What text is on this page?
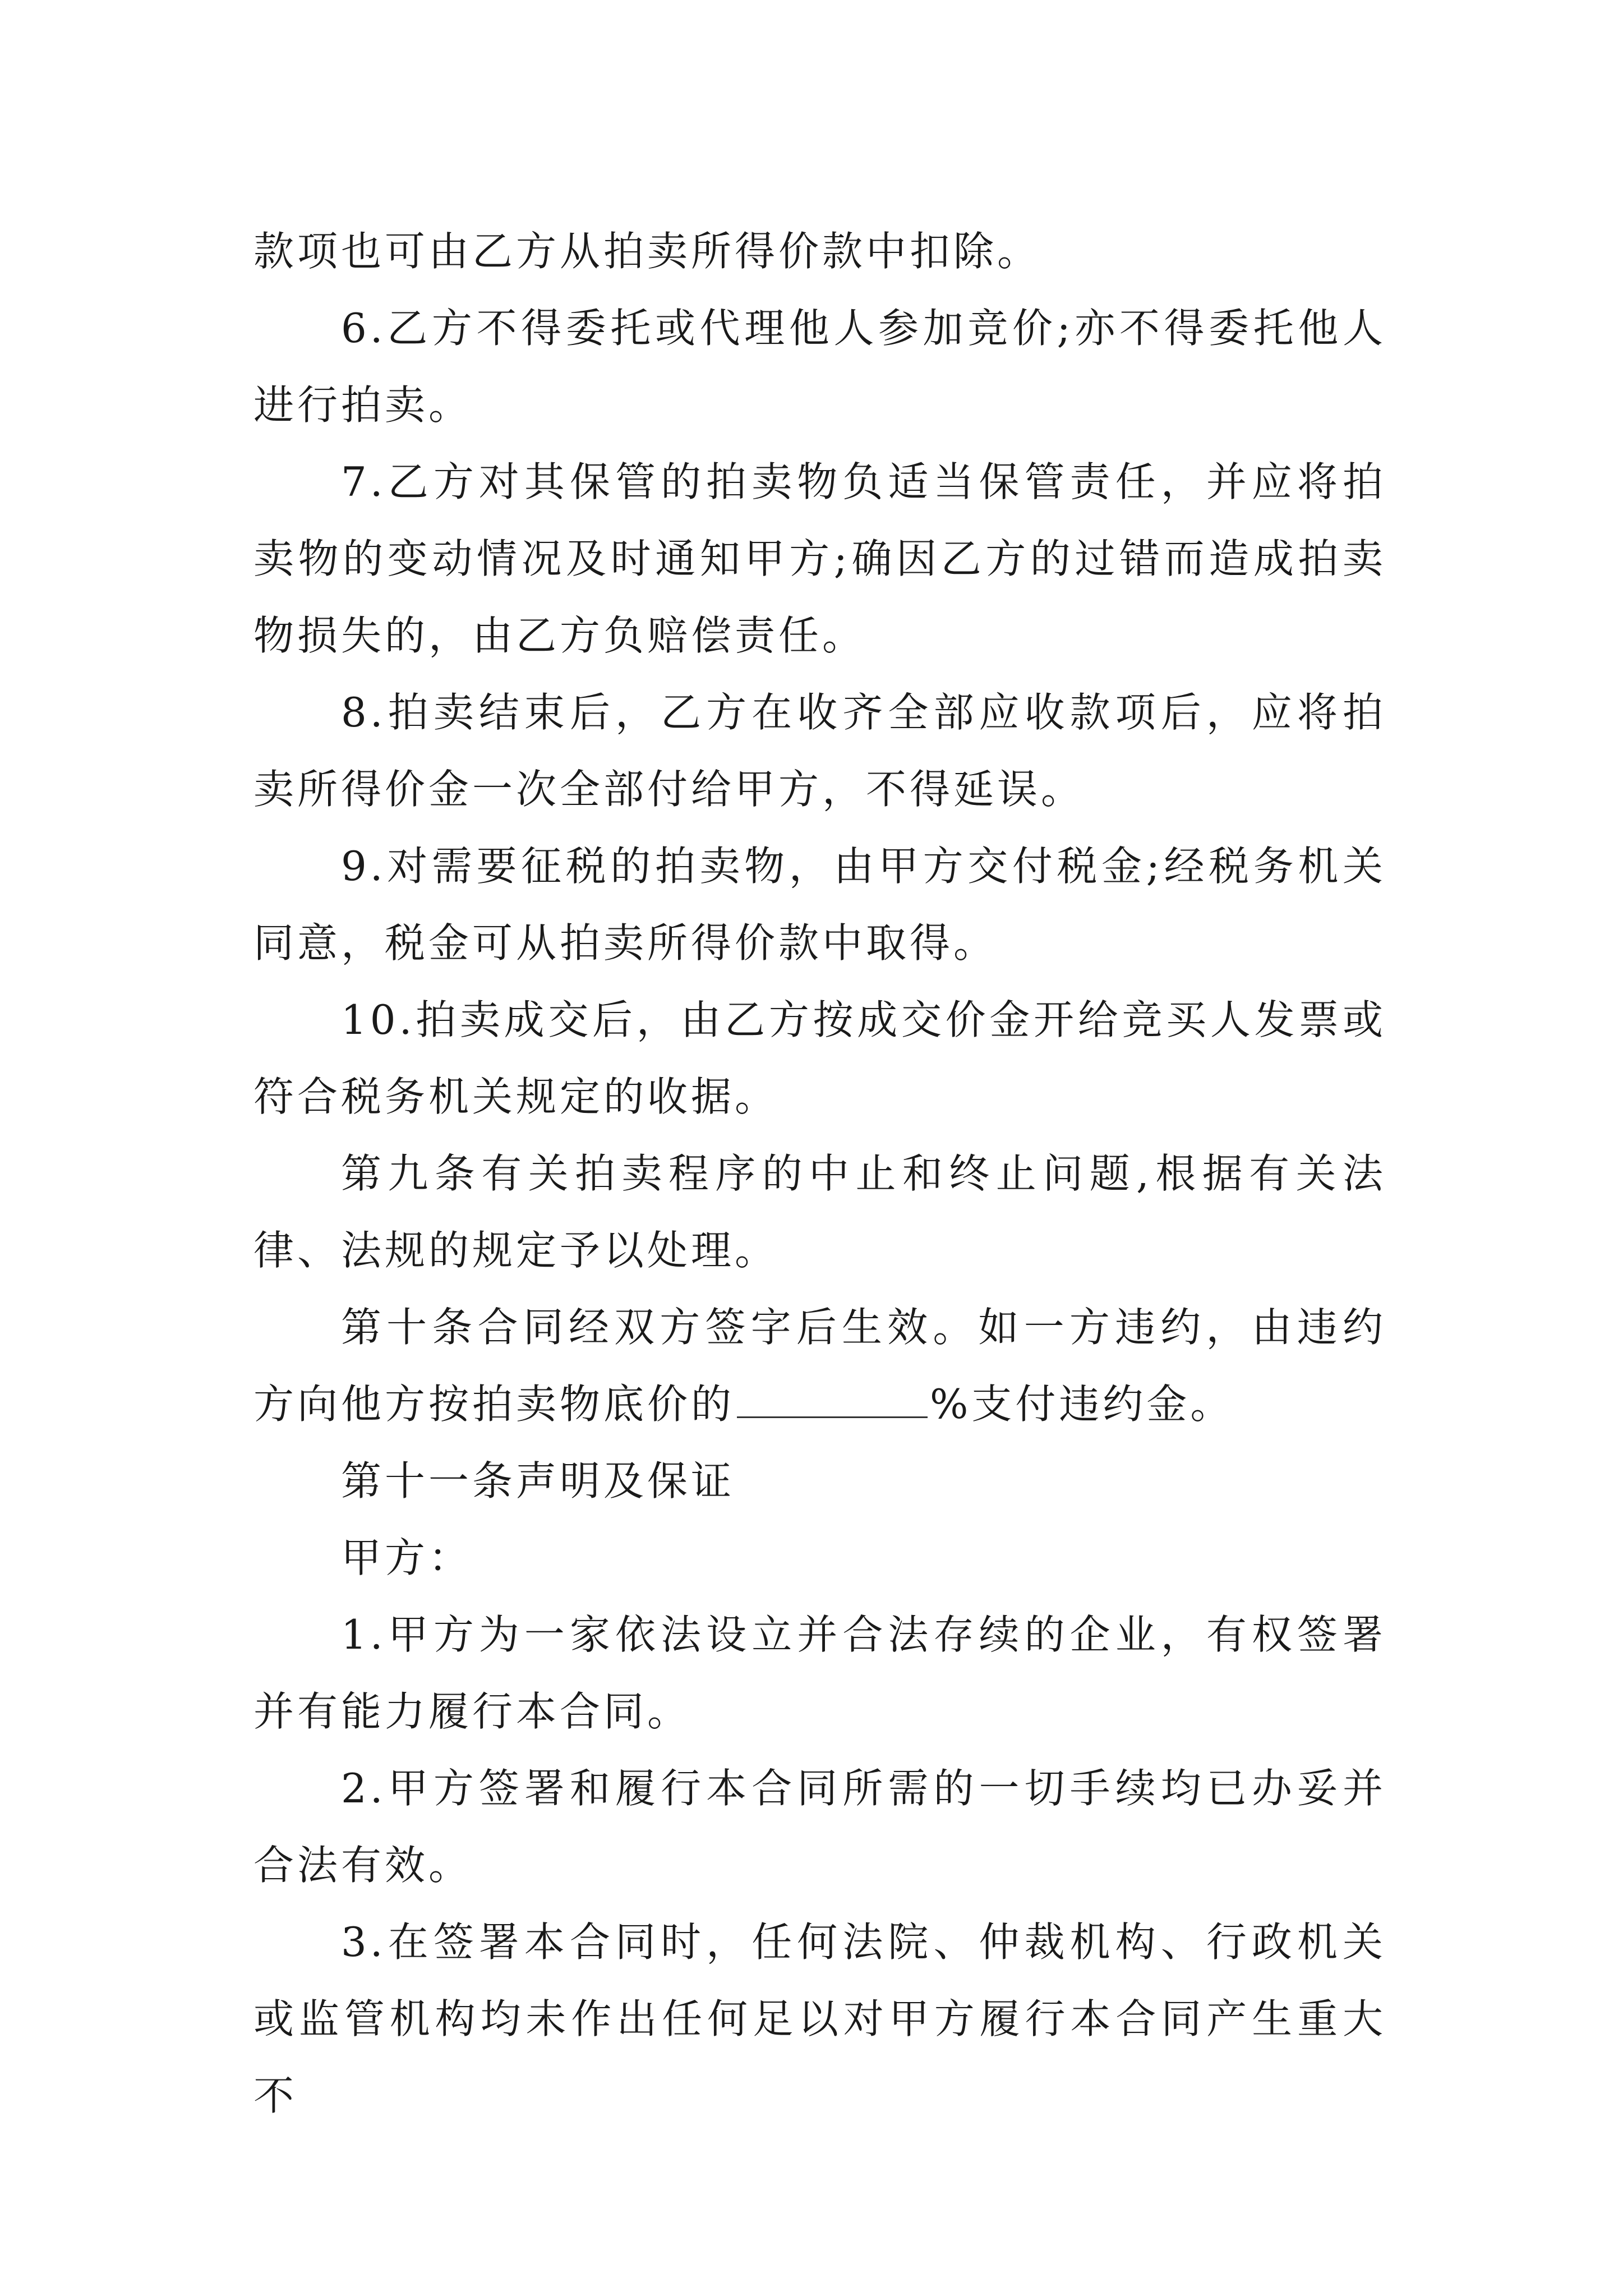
款项也可由乙方从拍卖所得价款中扣除。

6.乙方不得委托或代理他人参加竞价;亦不得委托他人进行拍卖。

7.乙方对其保管的拍卖物负适当保管责任，并应将拍卖物的变动情况及时通知甲方;确因乙方的过错而造成拍卖物损失的，由乙方负赔偿责任。

8.拍卖结束后，乙方在收齐全部应收款项后，应将拍卖所得价金一次全部付给甲方，不得延误。

9.对需要征税的拍卖物，由甲方交付税金;经税务机关同意，税金可从拍卖所得价款中取得。

10.拍卖成交后，由乙方按成交价金开给竞买人发票或符合税务机关规定的收据。

第九条有关拍卖程序的中止和终止问题,根据有关法律、法规的规定予以处理。

第十条合同经双方签字后生效。如一方违约，由违约方向他方按拍卖物底价的	%支付违约金。

第十一条声明及保证

甲方：

1.甲方为一家依法设立并合法存续的企业，有权签署并有能力履行本合同。

2.甲方签署和履行本合同所需的一切手续均已办妥并合法有效。

3.在签署本合同时，任何法院、仲裁机构、行政机关或监管机构均未作出任何足以对甲方履行本合同产生重大不
